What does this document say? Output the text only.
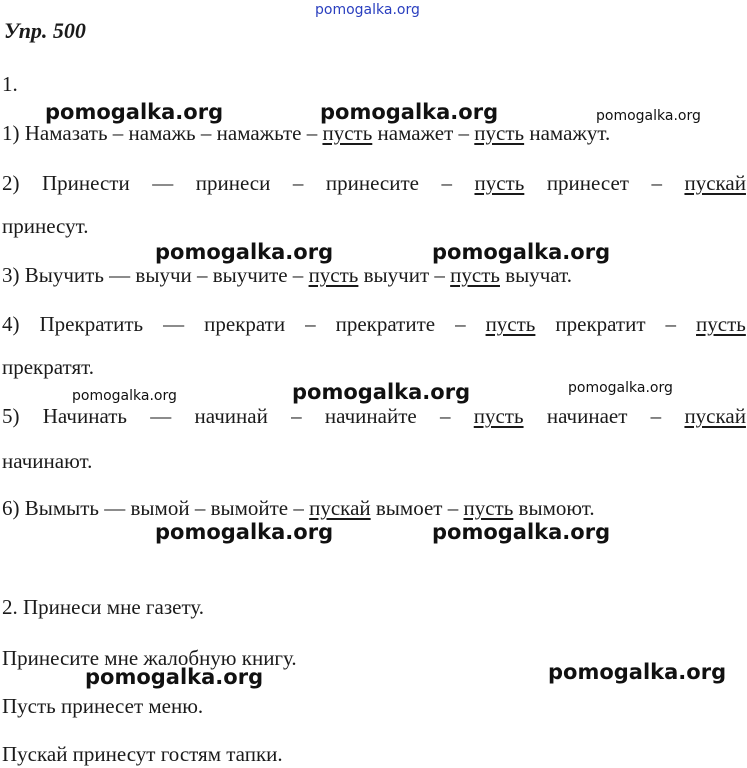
pomogalka.org
pomogalka.org	pomogalka.org	pomogalka.org
pomogalka.org	pomogalka.org
pomogalka.org	pomogalka.org	pomogalka.org
pomogalka.org	pomogalka.org
pomogalka.org
pomogalka.org
Упр. 500
1.
1) Намазать – намажь – намажьте – пусть намажет – пусть намажут.
2) Принести — принеси – принесите – пусть принесет – пускай
принесут.
3) Выучить — выучи – выучите – пусть выучит – пусть выучат.
4) Прекратить — прекрати – прекратите – пусть прекратит – пусть
прекратят.
5) Начинать — начинай – начинайте – пусть начинает – пускай
начинают.
6) Вымыть — вымой – вымойте – пускай вымоет – пусть вымоют.
2. Принеси мне газету.
Принесите мне жалобную книгу.
Пусть принесет меню.
Пускай принесут гостям тапки.
